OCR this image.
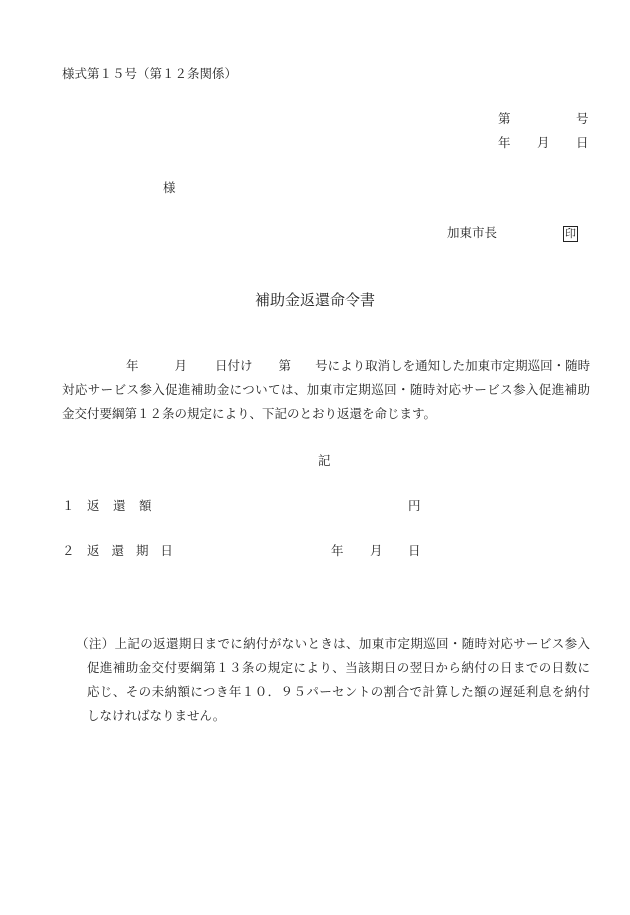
様式第１５号（第１２条関係）
第	号
年 月 日
様
加東市長	印
補助金返還命令書
年	月 日付け 第 号により取消しを通知した加東市定期巡回・随時
対応サービス参入促進補助金については、加東市定期巡回・随時対応サービス参入促進補助
金交付要綱第１２条の規定により、下記のとおり返還を命じます。
記
１ 返　還　額	円
２ 返 還 期 日	年 月 日
（注）上記の返還期日までに納付がないときは、加東市定期巡回・随時対応サービス参入
促進補助金交付要綱第１３条の規定により、当該期日の翌日から納付の日までの日数に
応じ、その未納額につき年１０．９５パーセントの割合で計算した額の遅延利息を納付
しなければなりません。
